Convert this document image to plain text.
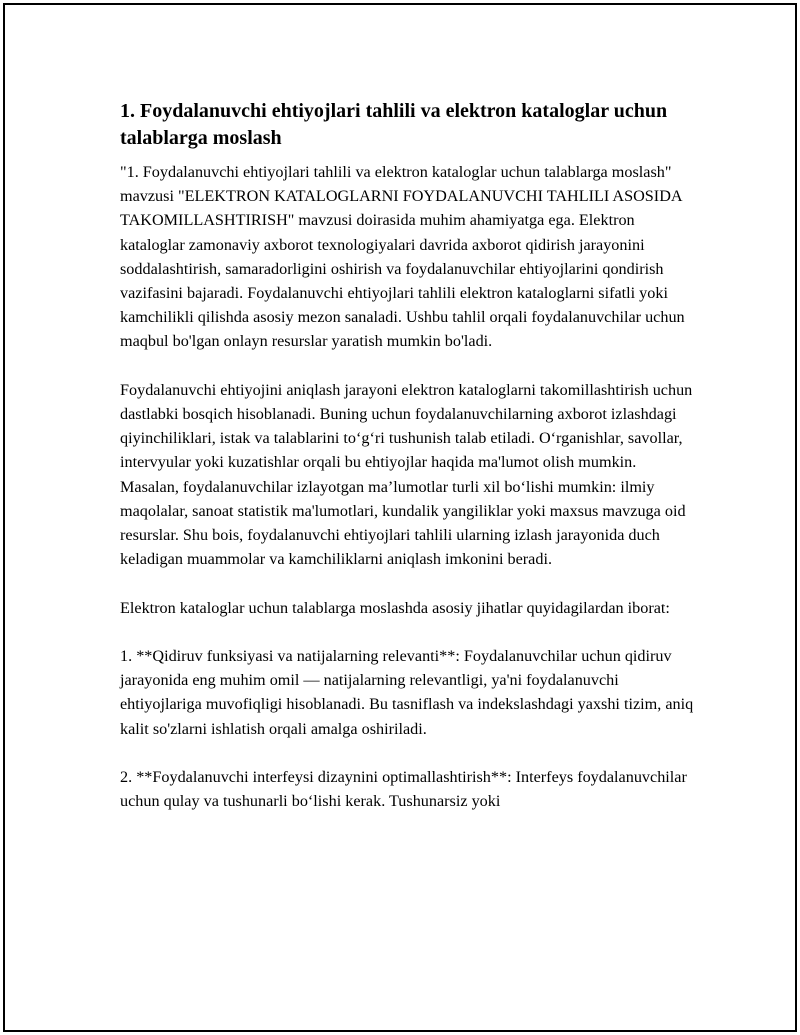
1. Foydalanuvchi ehtiyojlari tahlili va elektron kataloglar uchun talablarga moslash

"1. Foydalanuvchi ehtiyojlari tahlili va elektron kataloglar uchun talablarga moslash" mavzusi "ELEKTRON KATALOGLARNI FOYDALANUVCHI TAHLILI ASOSIDA TAKOMILLASHTIRISH" mavzusi doirasida muhim ahamiyatga ega. Elektron kataloglar zamonaviy axborot texnologiyalari davrida axborot qidirish jarayonini soddalashtirish, samaradorligini oshirish va foydalanuvchilar ehtiyojlarini qondirish vazifasini bajaradi. Foydalanuvchi ehtiyojlari tahlili elektron kataloglarni sifatli yoki kamchilikli qilishda asosiy mezon sanaladi. Ushbu tahlil orqali foydalanuvchilar uchun maqbul bo'lgan onlayn resurslar yaratish mumkin bo'ladi.

Foydalanuvchi ehtiyojini aniqlash jarayoni elektron kataloglarni takomillashtirish uchun dastlabki bosqich hisoblanadi. Buning uchun foydalanuvchilarning axborot izlashdagi qiyinchiliklari, istak va talablarini to‘g‘ri tushunish talab etiladi. O‘rganishlar, savollar, intervyular yoki kuzatishlar orqali bu ehtiyojlar haqida ma'lumot olish mumkin. Masalan, foydalanuvchilar izlayotgan ma’lumotlar turli xil bo‘lishi mumkin: ilmiy maqolalar, sanoat statistik ma'lumotlari, kundalik yangiliklar yoki maxsus mavzuga oid resurslar. Shu bois, foydalanuvchi ehtiyojlari tahlili ularning izlash jarayonida duch keladigan muammolar va kamchiliklarni aniqlash imkonini beradi.

Elektron kataloglar uchun talablarga moslashda asosiy jihatlar quyidagilardan iborat:

1. **Qidiruv funksiyasi va natijalarning relevanti**: Foydalanuvchilar uchun qidiruv jarayonida eng muhim omil — natijalarning relevantligi, ya'ni foydalanuvchi ehtiyojlariga muvofiqligi hisoblanadi. Bu tasniflash va indekslashdagi yaxshi tizim, aniq kalit so'zlarni ishlatish orqali amalga oshiriladi.

2. **Foydalanuvchi interfeysi dizaynini optimallashtirish**: Interfeys foydalanuvchilar uchun qulay va tushunarli bo‘lishi kerak. Tushunarsiz yoki
